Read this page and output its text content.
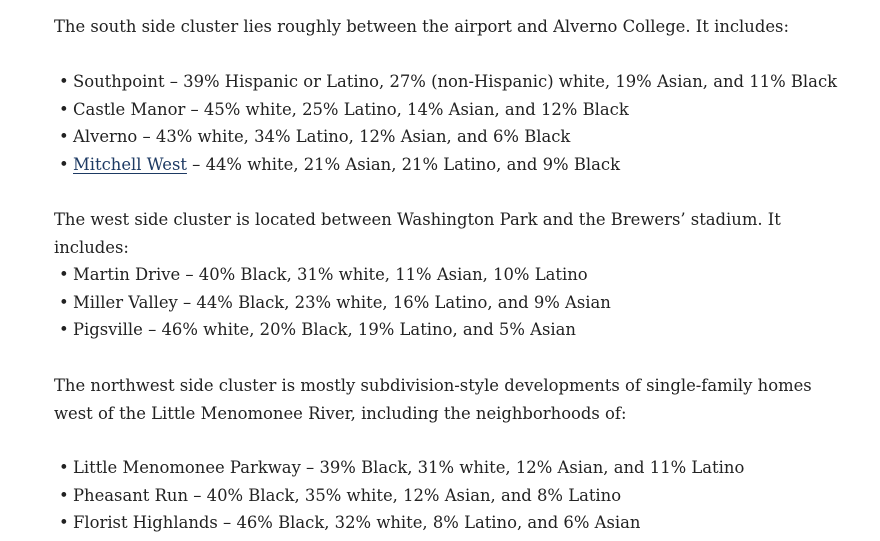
The south side cluster lies roughly between the airport and Alverno College. It includes:

• Southpoint – 39% Hispanic or Latino, 27% (non-Hispanic) white, 19% Asian, and 11% Black
• Castle Manor – 45% white, 25% Latino, 14% Asian, and 12% Black
• Alverno – 43% white, 34% Latino, 12% Asian, and 6% Black
• Mitchell West – 44% white, 21% Asian, 21% Latino, and 9% Black

The west side cluster is located between Washington Park and the Brewers’ stadium. It includes:

• Martin Drive – 40% Black, 31% white, 11% Asian, 10% Latino
• Miller Valley – 44% Black, 23% white, 16% Latino, and 9% Asian
• Pigsville – 46% white, 20% Black, 19% Latino, and 5% Asian

The northwest side cluster is mostly subdivision-style developments of single-family homes west of the Little Menomonee River, including the neighborhoods of:

• Little Menomonee Parkway – 39% Black, 31% white, 12% Asian, and 11% Latino
• Pheasant Run – 40% Black, 35% white, 12% Asian, and 8% Latino
• Florist Highlands – 46% Black, 32% white, 8% Latino, and 6% Asian
